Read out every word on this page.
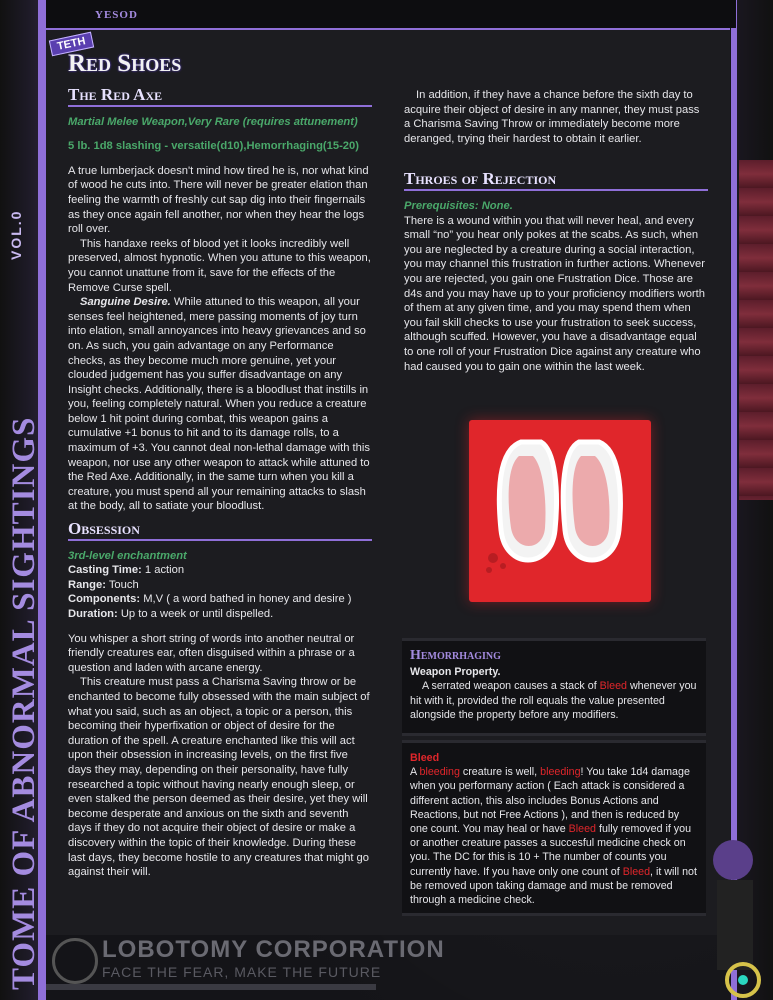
TOME OF ABNORMAL SIGHTINGS
VOL.0
YESOD
TETH
Red Shoes
The Red Axe

Martial Melee Weapon,Very Rare (requires attunement)

5 lb. 1d8 slashing - versatile(d10),Hemorrhaging(15-20)

A true lumberjack doesn't mind how tired he is, nor what kind of wood he cuts into. There will never be greater elation than feeling the warmth of freshly cut sap dig into their fingernails as they once again fell another, nor when they hear the logs roll over.

This handaxe reeks of blood yet it looks incredibly well preserved, almost hypnotic. When you attune to this weapon, you cannot unattune from it, save for the effects of the Remove Curse spell.

Sanguine Desire. While attuned to this weapon, all your senses feel heightened, mere passing moments of joy turn into elation, small annoyances into heavy grievances and so on. As such, you gain advantage on any Performance checks, as they become much more genuine, yet your clouded judgement has you suffer disadvantage on any Insight checks. Additionally, there is a bloodlust that instills in you, feeling completely natural. When you reduce a creature below 1 hit point during combat, this weapon gains a cumulative +1 bonus to hit and to its damage rolls, to a maximum of +3. You cannot deal non-lethal damage with this weapon, nor use any other weapon to attack while attuned to the Red Axe. Additionally, in the same turn when you kill a creature, you must spend all your remaining attacks to slash at the body, all to satiate your bloodlust.

Obsession

3rd-level enchantment

Casting Time: 1 action

Range: Touch

Components: M,V ( a word bathed in honey and desire )

Duration: Up to a week or until dispelled.

You whisper a short string of words into another neutral or friendly creatures ear, often disguised within a phrase or a question and laden with arcane energy.

This creature must pass a Charisma Saving throw or be enchanted to become fully obsessed with the main subject of what you said, such as an object, a topic or a person, this becoming their hyperfixation or object of desire for the duration of the spell. A creature enchanted like this will act upon their obsession in increasing levels, on the first five days they may, depending on their personality, have fully researched a topic without having nearly enough sleep, or even stalked the person deemed as their desire, yet they will become desperate and anxious on the sixth and seventh days if they do not acquire their object of desire or make a discovery within the topic of their knowledge. During these last days, they become hostile to any creatures that might go against their will.

In addition, if they have a chance before the sixth day to acquire their object of desire in any manner, they must pass a Charisma Saving Throw or immediately become more deranged, trying their hardest to obtain it earlier.

Throes of Rejection

Prerequisites: None.

There is a wound within you that will never heal, and every small “no” you hear only pokes at the scabs. As such, when you are neglected by a creature during a social interaction, you may channel this frustration in further actions. Whenever you are rejected, you gain one Frustration Dice. Those are d4s and you may have up to your proficiency modifiers worth of them at any given time, and you may spend them when you fail skill checks to use your frustration to seek success, although scuffed. However, you have a disadvantage equal to one roll of your Frustration Dice against any creature who had caused you to gain one within the last week.

Hemorrhaging

Weapon Property.

A serrated weapon causes a stack of Bleed whenever you hit with it, provided the roll equals the value presented alongside the property before any modifiers.

Bleed

A bleeding creature is well, bleeding! You take 1d4 damage when you performany action ( Each attack is considered a different action, this also includes Bonus Actions and Reactions, but not Free Actions ), and then is reduced by one count. You may heal or have Bleed fully removed if you or another creature passes a succesful medicine check on you. The DC for this is 10 + The number of counts you currently have. If you have only one count of Bleed, it will not be removed upon taking damage and must be removed through a medicine check.

LOBOTOMY CORPORATION
FACE THE FEAR, MAKE THE FUTURE
